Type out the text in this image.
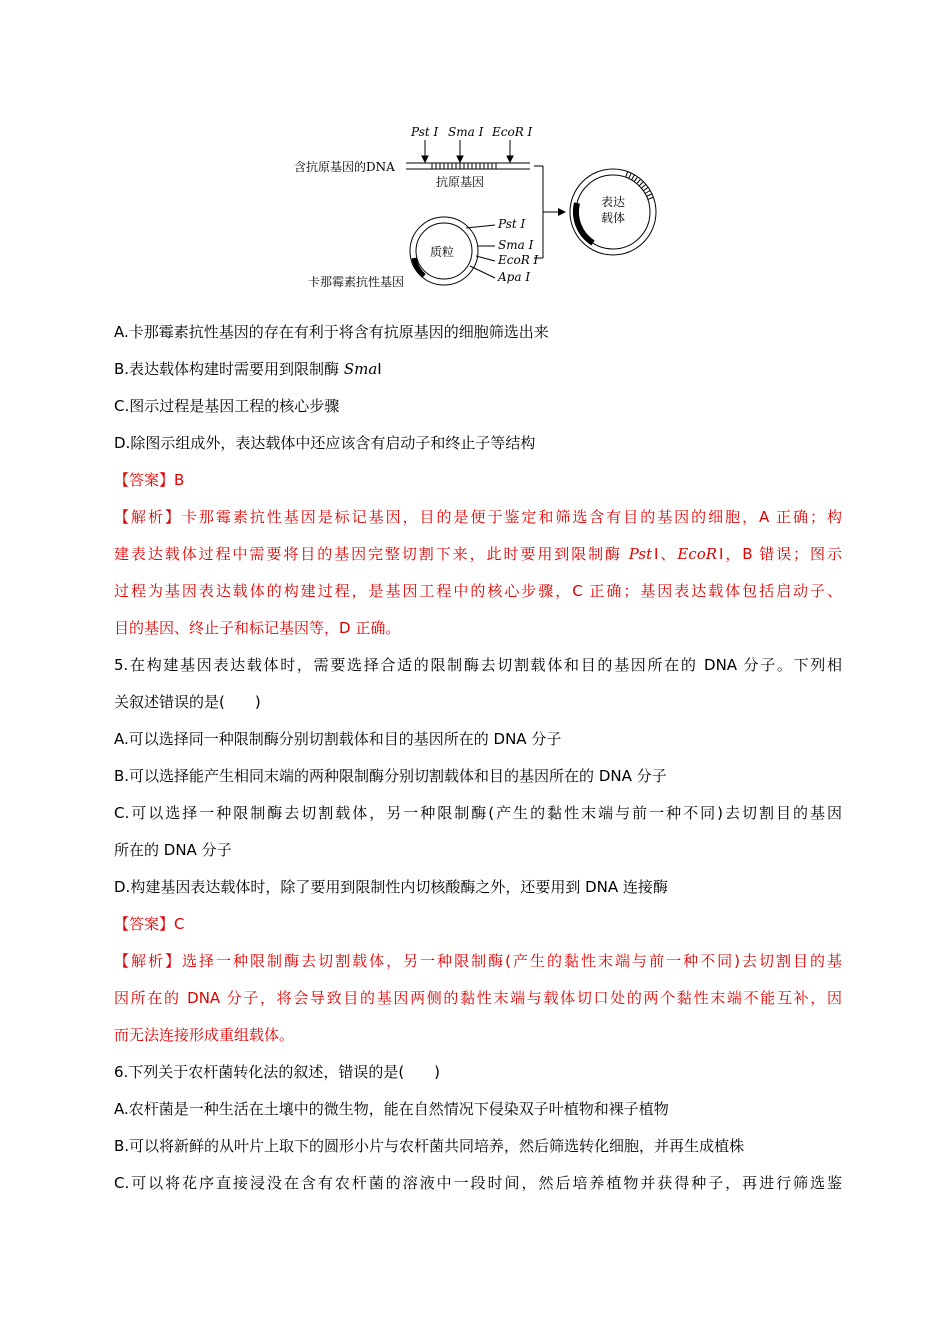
Pst Ⅰ Sma Ⅰ EcoR Ⅰ
含抗原基因的DNA
抗原基因
表达
载体
质粒
Pst Ⅰ
Sma Ⅰ
EcoR Ⅰ
Apa Ⅰ
卡那霉素抗性基因
A.卡那霉素抗性基因的存在有利于将含有抗原基因的细胞筛选出来
B.表达载体构建时需要用到限制酶 SmaⅠ
C.图示过程是基因工程的核心步骤
D.除图示组成外，表达载体中还应该含有启动子和终止子等结构
【答案】B
【解析】卡那霉素抗性基因是标记基因，目的是便于鉴定和筛选含有目的基因的细胞，A 正确；构
建表达载体过程中需要将目的基因完整切割下来，此时要用到限制酶 PstⅠ、EcoRⅠ，B 错误；图示
过程为基因表达载体的构建过程，是基因工程中的核心步骤，C 正确；基因表达载体包括启动子、
目的基因、终止子和标记基因等，D 正确。
5.在构建基因表达载体时，需要选择合适的限制酶去切割载体和目的基因所在的 DNA 分子。下列相
关叙述错误的是(　　)
A.可以选择同一种限制酶分别切割载体和目的基因所在的 DNA 分子
B.可以选择能产生相同末端的两种限制酶分别切割载体和目的基因所在的 DNA 分子
C.可以选择一种限制酶去切割载体，另一种限制酶(产生的黏性末端与前一种不同)去切割目的基因
所在的 DNA 分子
D.构建基因表达载体时，除了要用到限制性内切核酸酶之外，还要用到 DNA 连接酶
【答案】C
【解析】选择一种限制酶去切割载体，另一种限制酶(产生的黏性末端与前一种不同)去切割目的基
因所在的 DNA 分子，将会导致目的基因两侧的黏性末端与载体切口处的两个黏性末端不能互补，因
而无法连接形成重组载体。
6.下列关于农杆菌转化法的叙述，错误的是(　　)
A.农杆菌是一种生活在土壤中的微生物，能在自然情况下侵染双子叶植物和裸子植物
B.可以将新鲜的从叶片上取下的圆形小片与农杆菌共同培养，然后筛选转化细胞，并再生成植株
C.可以将花序直接浸没在含有农杆菌的溶液中一段时间，然后培养植物并获得种子，再进行筛选鉴
